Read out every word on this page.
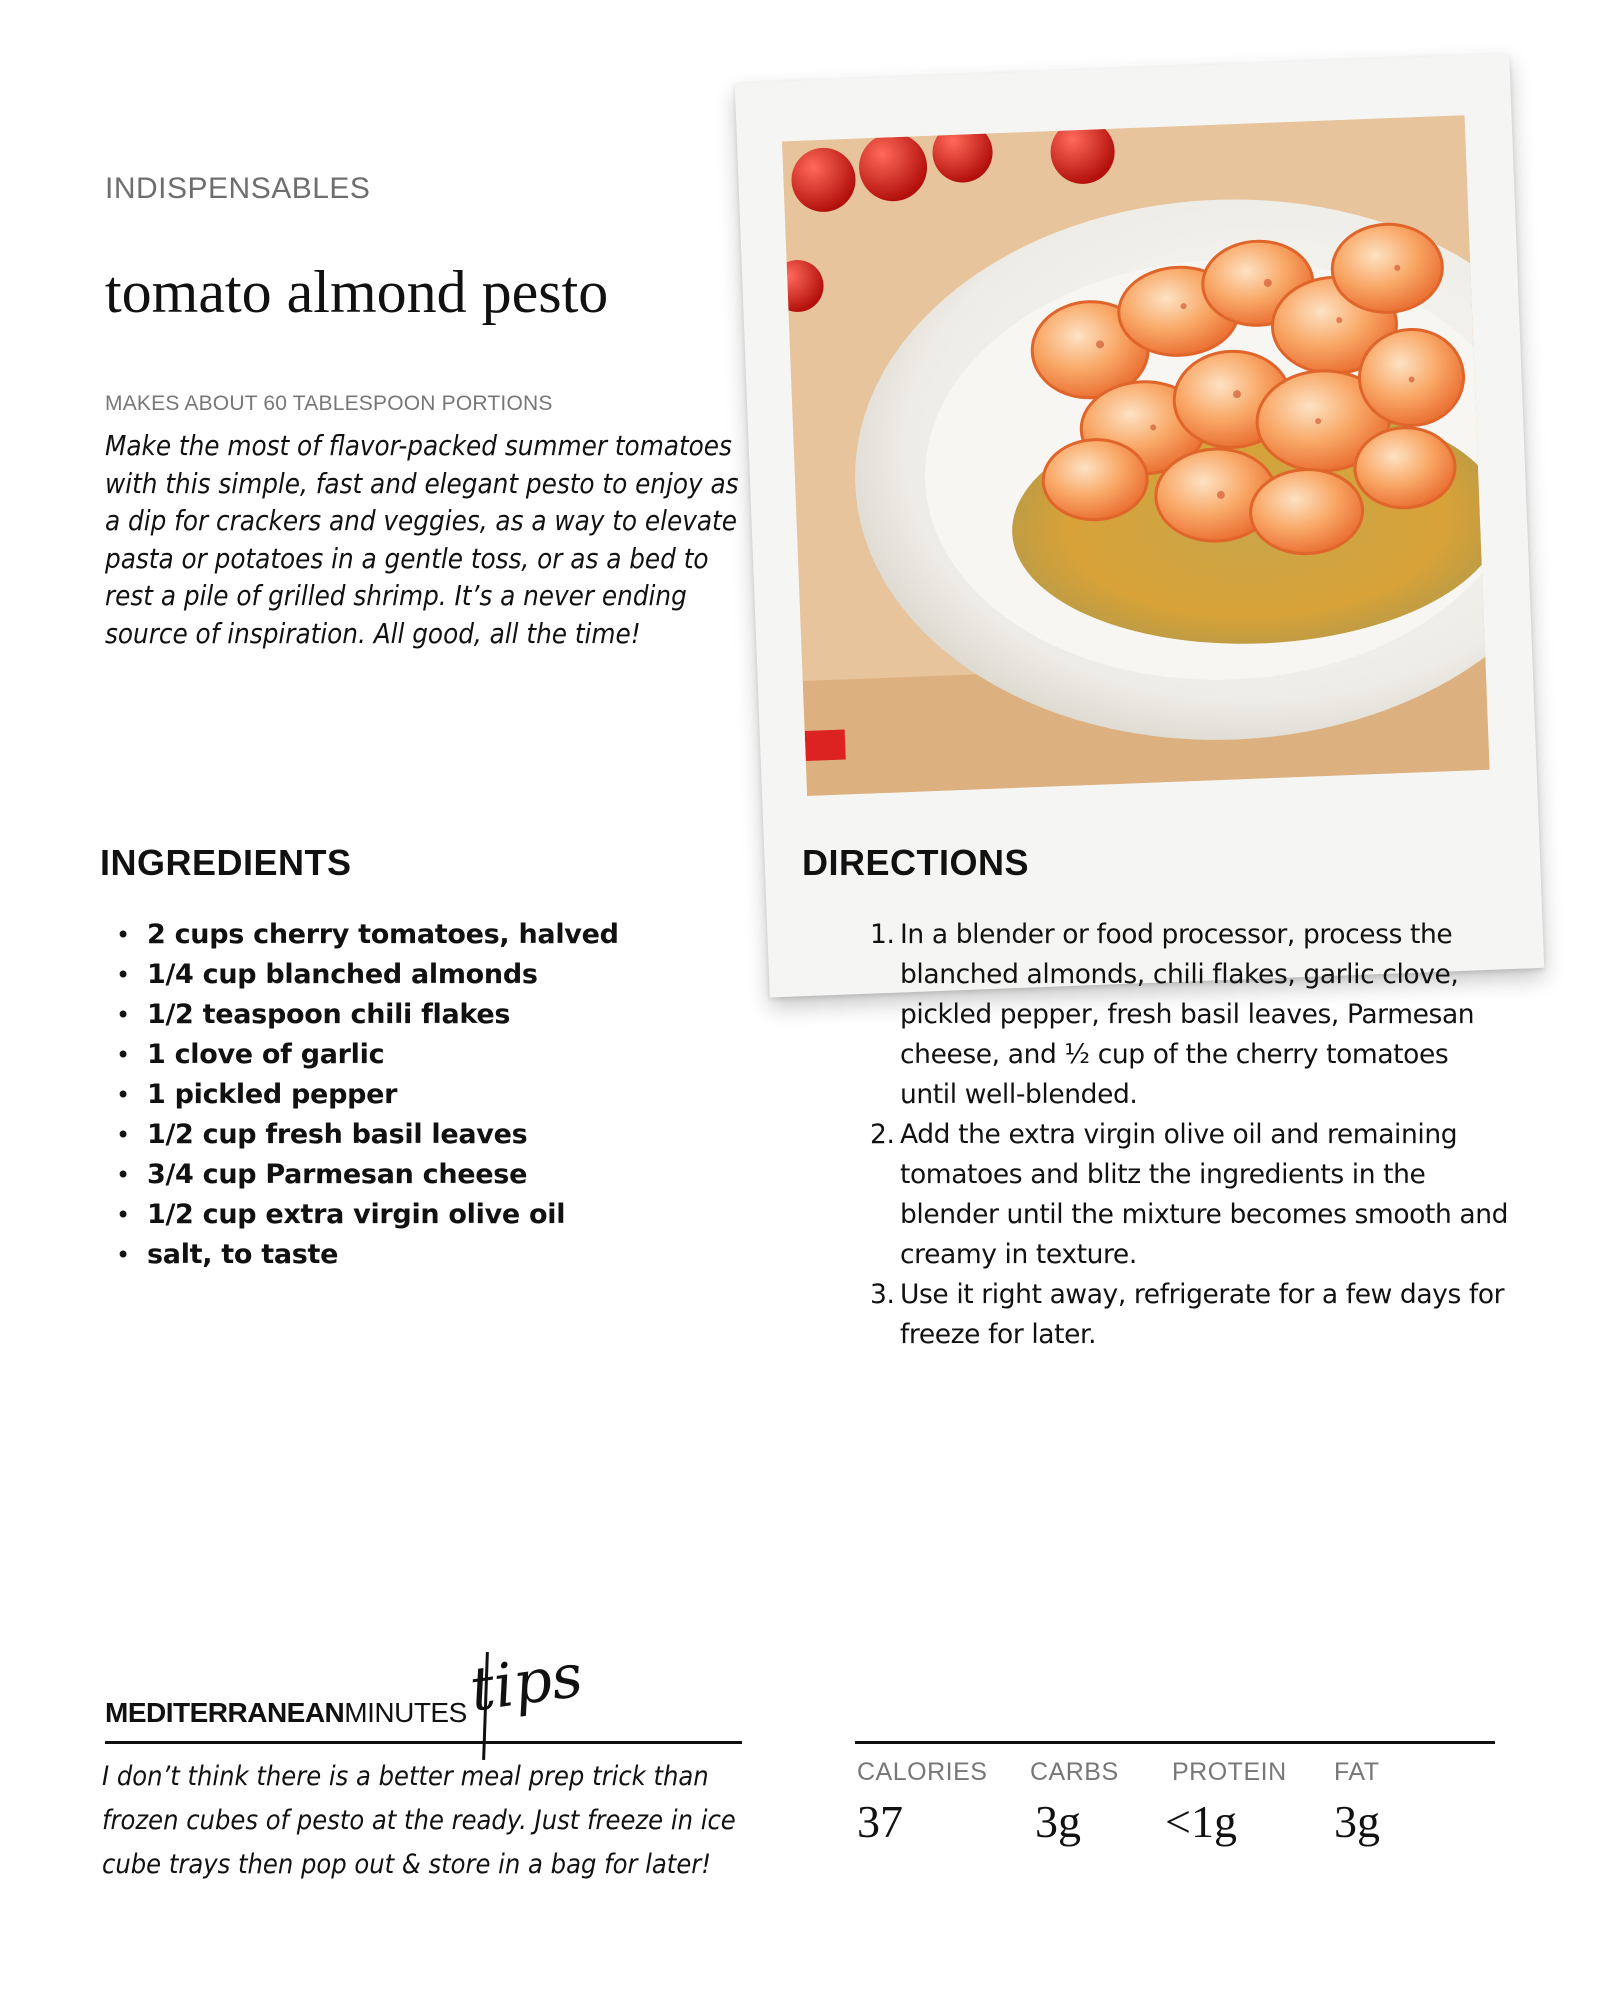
INDISPENSABLES
tomato almond pesto
MAKES ABOUT 60 TABLESPOON PORTIONS
Make the most of flavor-packed summer tomatoes with this simple, fast and elegant pesto to enjoy as a dip for crackers and veggies, as a way to elevate pasta or potatoes in a gentle toss, or as a bed to rest a pile of grilled shrimp. It’s a never ending source of inspiration. All good, all the time!
INGREDIENTS
• 2 cups cherry tomatoes, halved
• 1/4 cup blanched almonds
• 1/2 teaspoon chili flakes
• 1 clove of garlic
• 1 pickled pepper
• 1/2 cup fresh basil leaves
• 3/4 cup Parmesan cheese
• 1/2 cup extra virgin olive oil
• salt, to taste
DIRECTIONS
1. In a blender or food processor, process the blanched almonds, chili flakes, garlic clove, pickled pepper, fresh basil leaves, Parmesan cheese, and ½ cup of the cherry tomatoes until well-blended.
2. Add the extra virgin olive oil and remaining tomatoes and blitz the ingredients in the blender until the mixture becomes smooth and creamy in texture.
3. Use it right away, refrigerate for a few days for freeze for later.
MEDITERRANEANMINUTES
tips
I don’t think there is a better meal prep trick than frozen cubes of pesto at the ready. Just freeze in ice cube trays then pop out & store in a bag for later!
CALORIES CARBS PROTEIN FAT
37	3g <1g 3g
